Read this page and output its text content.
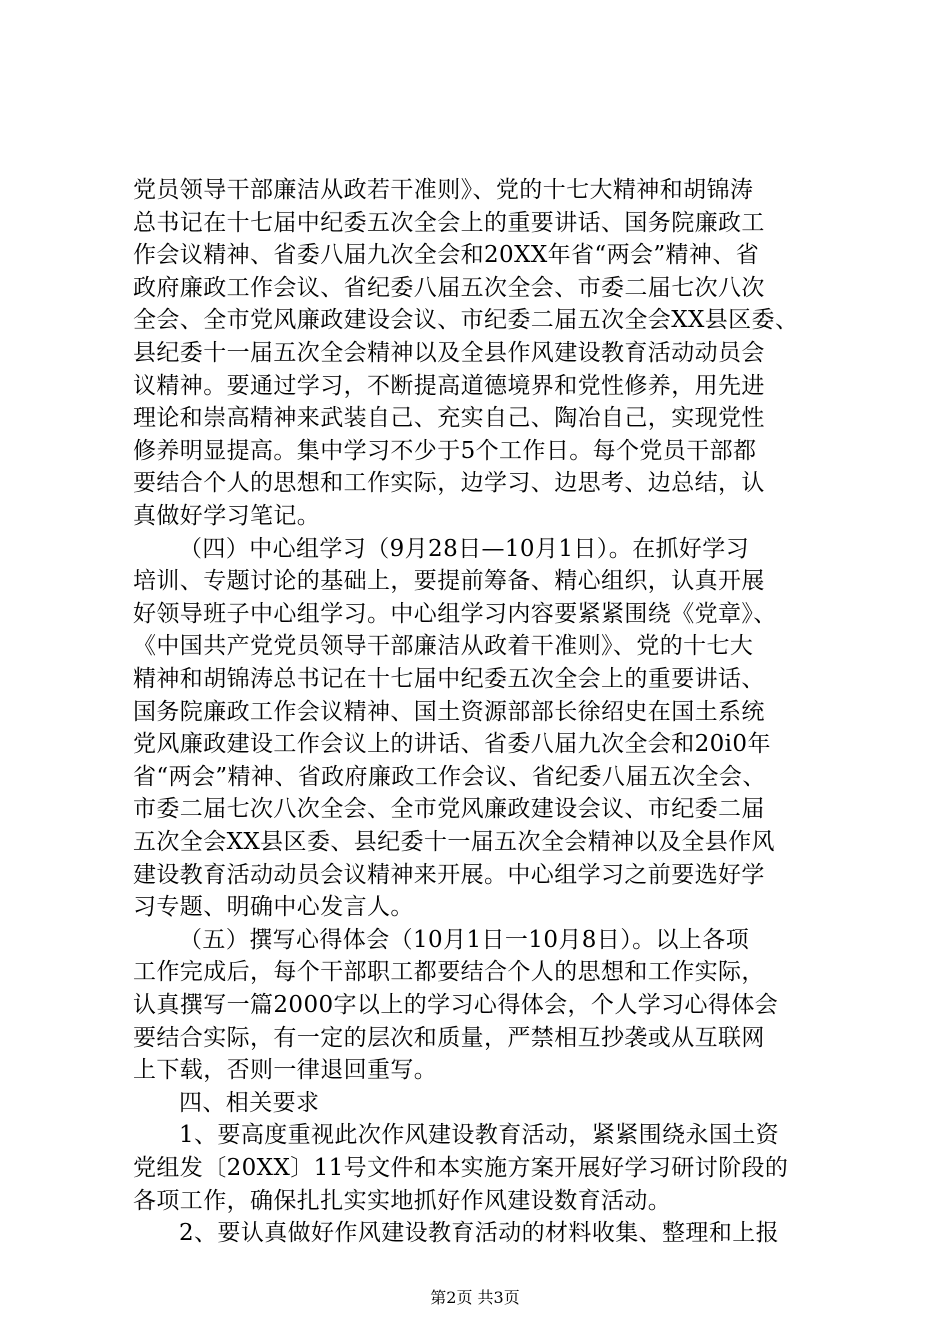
党员领导干部廉洁从政若干准则》、党的十七大精神和胡锦涛
总书记在十七届中纪委五次全会上的重要讲话、国务院廉政工
作会议精神、省委八届九次全会和20XX年省“两会”精神、省
政府廉政工作会议、省纪委八届五次全会、市委二届七次八次
全会、全市党风廉政建设会议、市纪委二届五次全会XX县区委、
县纪委十一届五次全会精神以及全县作风建设教育活动动员会
议精神。要通过学习，不断提高道德境界和党性修养，用先进
理论和崇高精神来武装自己、充实自己、陶冶自己，实现党性
修养明显提高。集中学习不少于5个工作日。每个党员干部都
要结合个人的思想和工作实际，边学习、边思考、边总结，认
真做好学习笔记。
（四）中心组学习（9月28日—10月1日）。在抓好学习
培训、专题讨论的基础上，要提前筹备、精心组织，认真开展
好领导班子中心组学习。中心组学习内容要紧紧围绕《党章》、
《中国共产党党员领导干部廉洁从政着干准则》、党的十七大
精神和胡锦涛总书记在十七届中纪委五次全会上的重要讲话、
国务院廉政工作会议精神、国土资源部部长徐绍史在国土系统
党风廉政建设工作会议上的讲话、省委八届九次全会和20i0年
省“两会”精神、省政府廉政工作会议、省纪委八届五次全会、
市委二届七次八次全会、全市党风廉政建设会议、市纪委二届
五次全会XX县区委、县纪委十一届五次全会精神以及全县作风
建设教育活动动员会议精神来开展。中心组学习之前要选好学
习专题、明确中心发言人。
（五）撰写心得体会（10月1日一10月8日）。以上各项
工作完成后，每个干部职工都要结合个人的思想和工作实际，
认真撰写一篇2000字以上的学习心得体会，个人学习心得体会
要结合实际，有一定的层次和质量，严禁相互抄袭或从互联网
上下载，否则一律退回重写。
四、相关要求
第2页 共3页
1、要高度重视此次作风建设教育活动，紧紧围绕永国土资
党组发〔20XX〕11号文件和本实施方案开展好学习研讨阶段的
各项工作，确保扎扎实实地抓好作风建设数育活动。
2、要认真做好作风建设教育活动的材料收集、整理和上报
